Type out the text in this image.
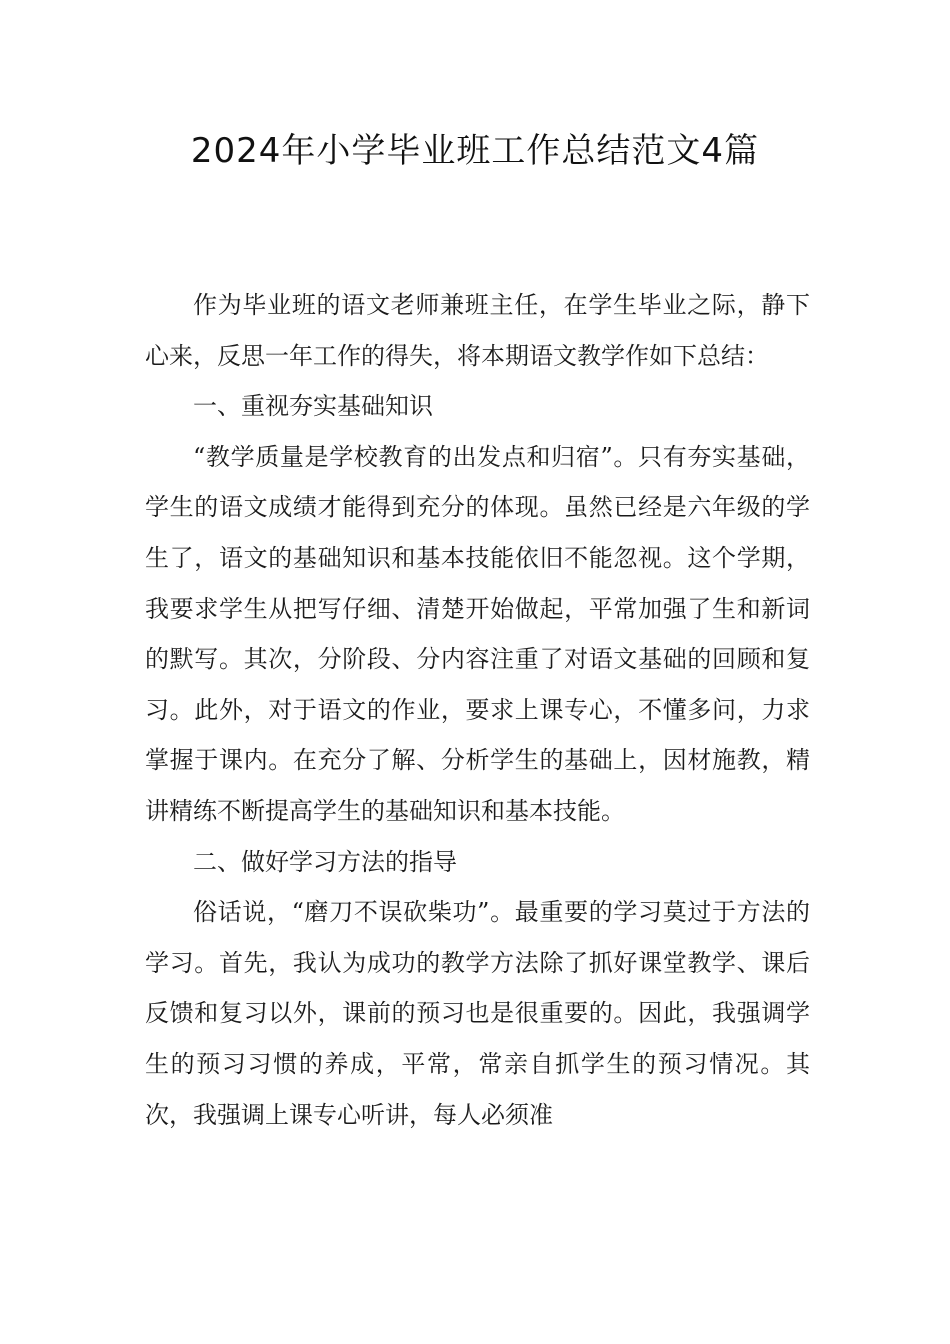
2024年小学毕业班工作总结范文4篇

作为毕业班的语文老师兼班主任，在学生毕业之际，静下心来，反思一年工作的得失，将本期语文教学作如下总结：

一、重视夯实基础知识

“教学质量是学校教育的出发点和归宿”。只有夯实基础，学生的语文成绩才能得到充分的体现。虽然已经是六年级的学生了，语文的基础知识和基本技能依旧不能忽视。这个学期，我要求学生从把写仔细、清楚开始做起，平常加强了生和新词的默写。其次，分阶段、分内容注重了对语文基础的回顾和复习。此外，对于语文的作业，要求上课专心，不懂多问，力求掌握于课内。在充分了解、分析学生的基础上，因材施教，精讲精练不断提高学生的基础知识和基本技能。

二、做好学习方法的指导

俗话说，“磨刀不误砍柴功”。最重要的学习莫过于方法的学习。首先，我认为成功的教学方法除了抓好课堂教学、课后反馈和复习以外，课前的预习也是很重要的。因此，我强调学生的预习习惯的养成，平常，常亲自抓学生的预习情况。其次，我强调上课专心听讲，每人必须准
